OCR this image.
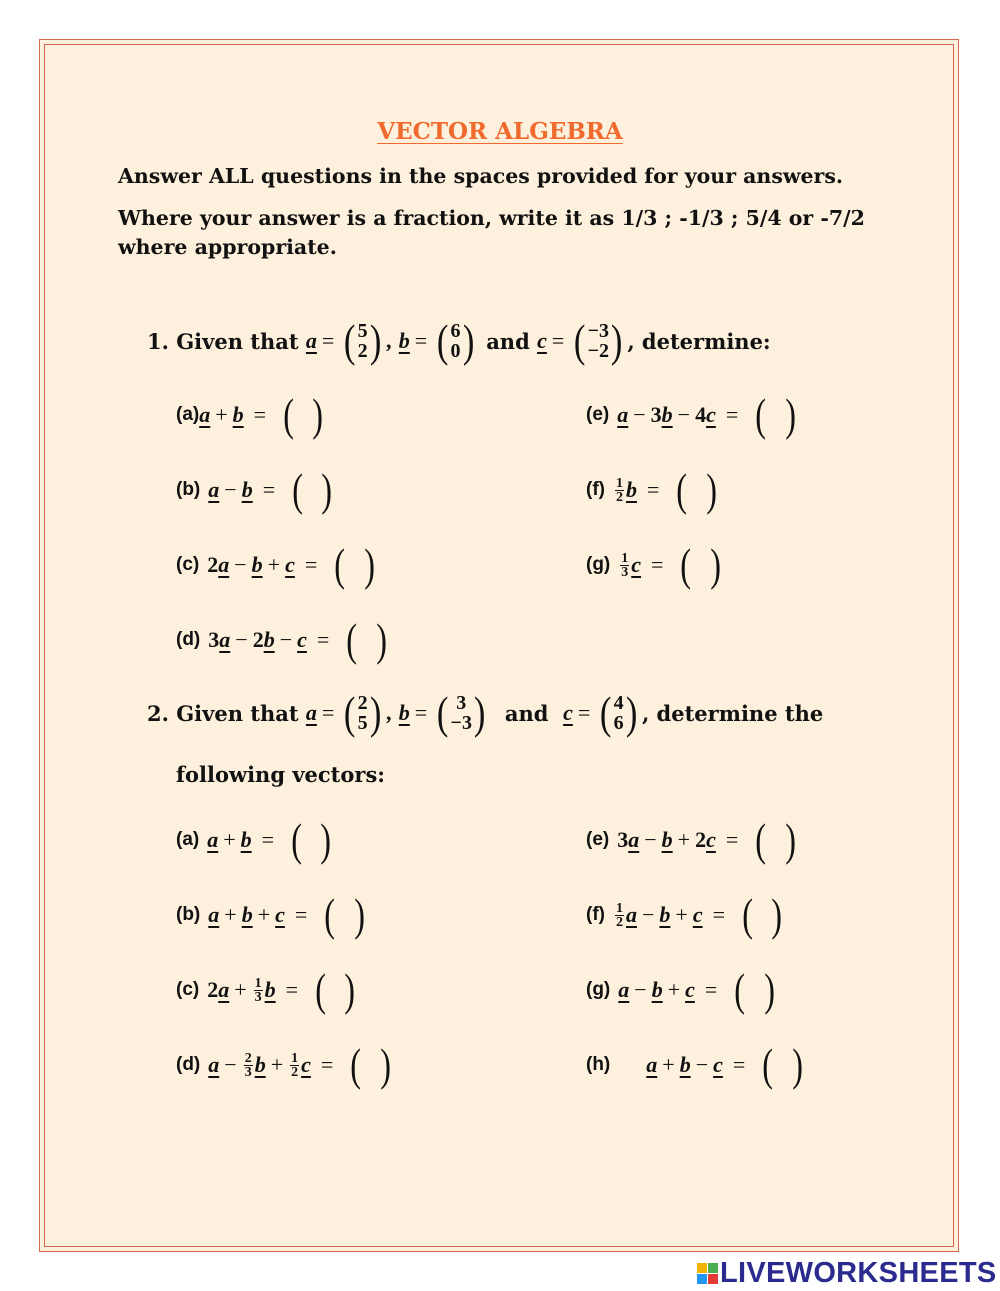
VECTOR ALGEBRA
Answer ALL questions in the spaces provided for your answers.
Where your answer is a fraction, write it as 1/3 ; -1/3 ; 5/4 or -7/2 where appropriate.
1.
Given that
a = ( 5
2 ) ,
b = ( 6
0 )
and
c = ( −3
−2 ) , determine:
(a) a + b = ( )
(b) a − b = ( )
(c) 2 a − b + c = ( )
(d) 3 a − 2 b − c = ( )
(e) a − 3 b − 4 c = ( )
$(f) \frac{1}{2}$ b = ( )
$(g) \frac{1}{3}$ c = ( )
2.
Given that
a = ( 2
5 ) ,
b = ( 3
−3 )
and
c = ( 4
6 ) , determine the
following vectors:
(a) a + b = ( )
(b) a + b + c = ( )
(c) 2 $a + \frac{1}{3}$ b = ( )
(d) $a - \frac{2}{3}$ $b + \frac{1}{2}$ c = ( )
(e) 3 a − b + 2 c = ( )
$(f) \frac{1}{2}$ a − b + c = ( )
(g) a − b + c = ( )
(h) a + b − c = ( )
LIVEWORKSHEETS
